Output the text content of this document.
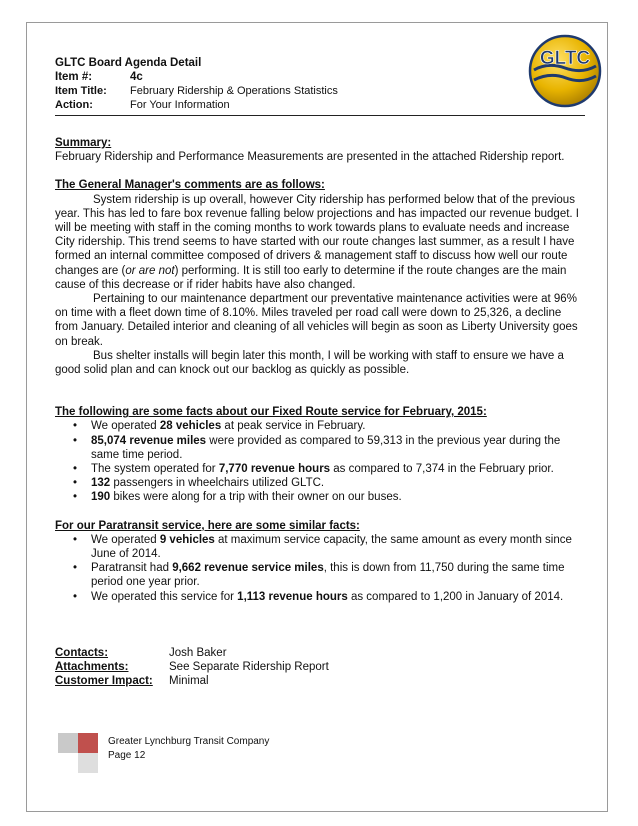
GLTC Board Agenda Detail
Item #:	4c
Item Title:	February Ridership & Operations Statistics
Action:	For Your Information
GLTC

Summary:

February Ridership and Performance Measurements are presented in the attached Ridership report.

The General Manager's comments are as follows:

System ridership is up overall, however City ridership has performed below that of the previous year. This has led to fare box revenue falling below projections and has impacted our revenue budget. I will be meeting with staff in the coming months to work towards plans to evaluate needs and increase City ridership. This trend seems to have started with our route changes last summer, as a result I have formed an internal committee composed of drivers & management staff to discuss how well our route changes are (or are not) performing. It is still too early to determine if the route changes are the main cause of this decrease or if rider habits have also changed.

Pertaining to our maintenance department our preventative maintenance activities were at 96% on time with a fleet down time of 8.10%. Miles traveled per road call were down to 25,326, a decline from January. Detailed interior and cleaning of all vehicles will begin as soon as Liberty University goes on break.

Bus shelter installs will begin later this month, I will be working with staff to ensure we have a good solid plan and can knock out our backlog as quickly as possible.

The following are some facts about our Fixed Route service for February, 2015:

• We operated 28 vehicles at peak service in February.
• 85,074 revenue miles were provided as compared to 59,313 in the previous year during the same time period.
• The system operated for 7,770 revenue hours as compared to 7,374 in the February prior.
• 132 passengers in wheelchairs utilized GLTC.
• 190 bikes were along for a trip with their owner on our buses.

For our Paratransit service, here are some similar facts:

• We operated 9 vehicles at maximum service capacity, the same amount as every month since June of 2014.
• Paratransit had 9,662 revenue service miles, this is down from 11,750 during the same time period one year prior.
• We operated this service for 1,113 revenue hours as compared to 1,200 in January of 2014.
Contacts:	Josh Baker
Attachments:	See Separate Ridership Report
Customer Impact:	Minimal
Greater Lynchburg Transit Company
Page 12
